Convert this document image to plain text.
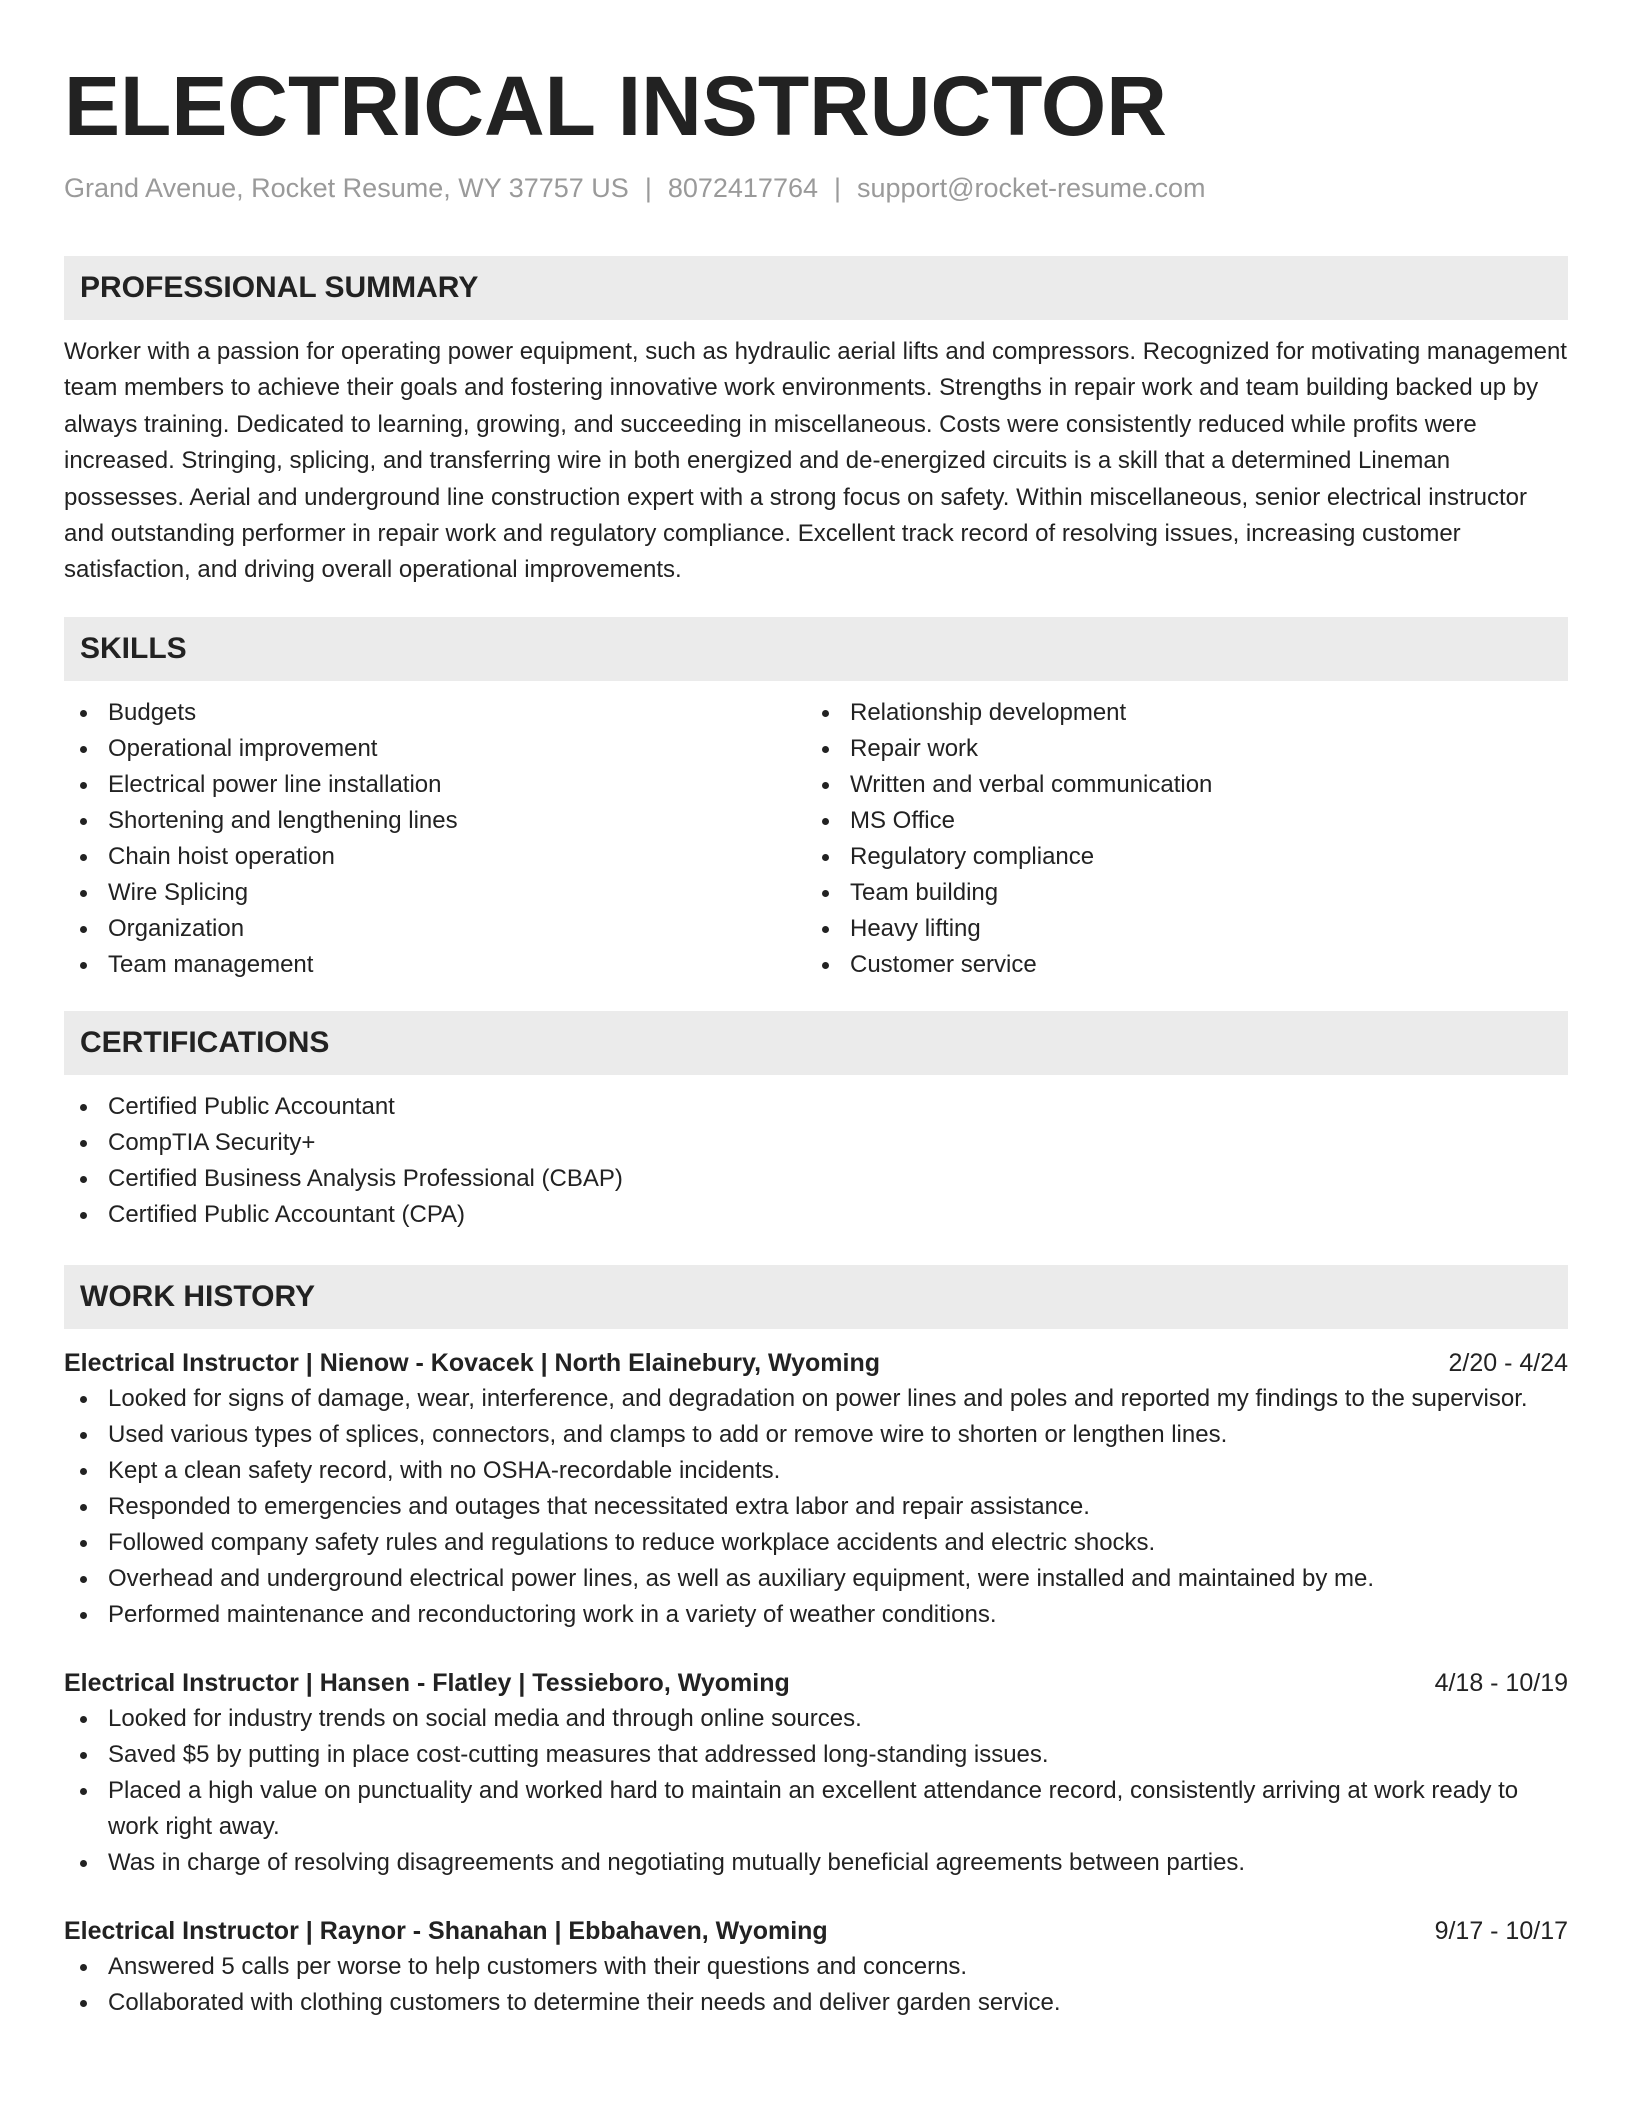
ELECTRICAL INSTRUCTOR
Grand Avenue, Rocket Resume, WY 37757 US | 8072417764 | support@rocket-resume.com
PROFESSIONAL SUMMARY

Worker with a passion for operating power equipment, such as hydraulic aerial lifts and compressors. Recognized for motivating management team members to achieve their goals and fostering innovative work environments. Strengths in repair work and team building backed up by always training. Dedicated to learning, growing, and succeeding in miscellaneous. Costs were consistently reduced while profits were increased. Stringing, splicing, and transferring wire in both energized and de-energized circuits is a skill that a determined Lineman possesses. Aerial and underground line construction expert with a strong focus on safety. Within miscellaneous, senior electrical instructor and outstanding performer in repair work and regulatory compliance. Excellent track record of resolving issues, increasing customer satisfaction, and driving overall operational improvements.

SKILLS
Budgets
Operational improvement
Electrical power line installation
Shortening and lengthening lines
Chain hoist operation
Wire Splicing
Organization
Team management
Relationship development
Repair work
Written and verbal communication
MS Office
Regulatory compliance
Team building
Heavy lifting
Customer service
CERTIFICATIONS
Certified Public Accountant
CompTIA Security+
Certified Business Analysis Professional (CBAP)
Certified Public Accountant (CPA)
WORK HISTORY
Electrical Instructor | Nienow - Kovacek | North Elainebury, Wyoming	2/20 - 4/24
Looked for signs of damage, wear, interference, and degradation on power lines and poles and reported my findings to the supervisor.
Used various types of splices, connectors, and clamps to add or remove wire to shorten or lengthen lines.
Kept a clean safety record, with no OSHA-recordable incidents.
Responded to emergencies and outages that necessitated extra labor and repair assistance.
Followed company safety rules and regulations to reduce workplace accidents and electric shocks.
Overhead and underground electrical power lines, as well as auxiliary equipment, were installed and maintained by me.
Performed maintenance and reconductoring work in a variety of weather conditions.
Electrical Instructor | Hansen - Flatley | Tessieboro, Wyoming	4/18 - 10/19
Looked for industry trends on social media and through online sources.
Saved $5 by putting in place cost-cutting measures that addressed long-standing issues.
Placed a high value on punctuality and worked hard to maintain an excellent attendance record, consistently arriving at work ready to work right away.
Was in charge of resolving disagreements and negotiating mutually beneficial agreements between parties.
Electrical Instructor | Raynor - Shanahan | Ebbahaven, Wyoming	9/17 - 10/17
Answered 5 calls per worse to help customers with their questions and concerns.
Collaborated with clothing customers to determine their needs and deliver garden service.
